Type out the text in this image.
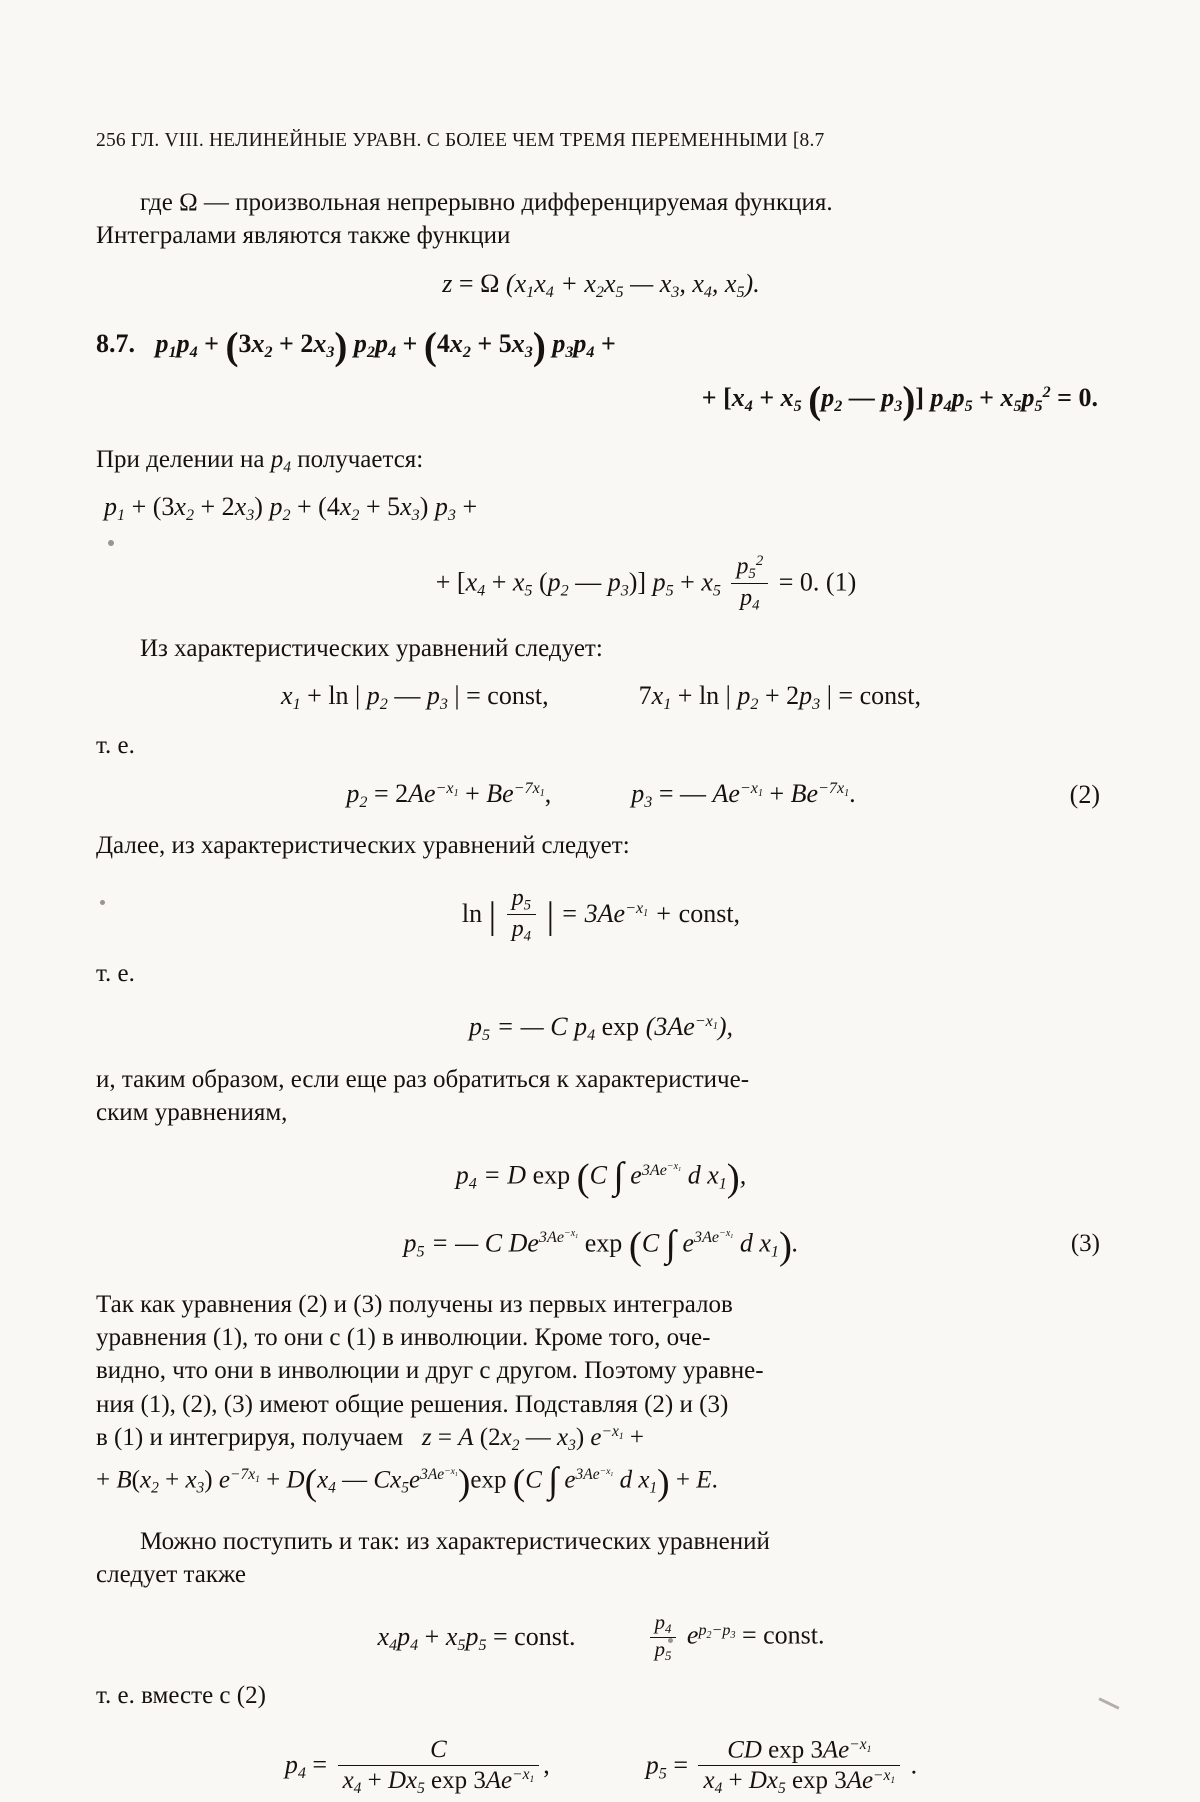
256 ГЛ. VIII. НЕЛИНЕЙНЫЕ УРАВН. С БОЛЕЕ ЧЕМ ТРЕМЯ ПЕРЕМЕННЫМИ [8.7

где Ω — произвольная непрерывно дифференцируемая функция.

Интегралами являются также функции

z = Ω ($x_1x_4 + x_2x_5$ — $x_3$, $x_4$, $x_5$).
8.7. $p_1p_4 + (3x_2 + 2x_3) p_2p_4 + (4x_2 + 5x_3) p_3p_4$ +
+ [$x_4 + x_5$ ($p_2$ — $p_3$)] $p_4p_5 + x_5p_5^2 = 0$.

При делении на $p_4$ получается:

$p_1 + (3x_2 + 2x_3) p_2 + (4x_2 + 5x_3) p_3$ +
+ [$x_4 + x_5$ ($p_2$ — $p_3$)] $p_5 + x_5 \frac{p_5^2}{p_4} = 0$. (1)

Из характеристических уравнений следует:

$x_1 + \ln$ | $p_2$ — $p_3$ | = const,	$7x_1 + \ln$ | $p_2 + 2p_3$ | = const,

т. е.

$p_2 = 2Ae^{-x_1} + Be^{-7x_1}$,	$p_3$ = — $Ae^{-x_1} + Be^{-7x_1}$.	(2)

Далее, из характеристических уравнений следует:

ln | $\frac{p_5}{p_4}$ | = $3Ae^{-x_1}$ + const,

т. е.

$p_5$ = — C $p_4$ $\exp (3Ae^{-x_1})$,

и, таким образом, если еще раз обратиться к характеристиче-

ским уравнениям,

$p_4 = D$ exp (C ∫ $e^{3Ae^{-x_1}}$ d $x_1$),
$p_5$ = — C $De^{3Ae^{-x_1}}$ exp (C ∫ $e^{3Ae^{-x_1}}$ d $x_1$).	(3)

Так как уравнения (2) и (3) получены из первых интегралов

уравнения (1), то они с (1) в инволюции. Кроме того, оче-

видно, что они в инволюции и друг с другом. Поэтому уравне-

ния (1), (2), (3) имеют общие решения. Подставляя (2) и (3)

в (1) и интегрируя, получаем   z = A ($2x_2$ — $x_3$) $e^{-x_1}$ +

+ $B(x_2 + x_3) e^{-7x_1} + D(x_4$ — $Cx_5e^{3Ae^{-x_1}})\exp$ (C ∫ $e^{3Ae^{-x_1}}$ d $x_1) + E$.

Можно поступить и так: из характеристических уравнений

следует также

$x_4p_4 + x_5p_5$ = const.	$\frac{p_4}{p_5} e^{p_2-p_3}$ = const.

т. е. вместе с (2)

$p_4 = \frac{C}{x_4 + Dx_5 \exp 3Ae^{-x_1}}$ ,	$p_5 = \frac{CD \exp 3Ae^{-x_1}}{x_4 + Dx_5 \exp 3Ae^{-x_1}}$ .
